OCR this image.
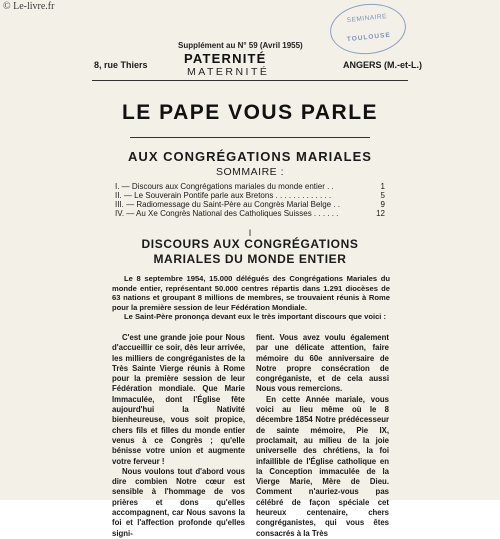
© Le-livre.fr
SEMINAIRE
TOULOUSE
Supplément au N° 59 (Avril 1955)
8, rue Thiers	PATERNITÉ
MATERNITÉ
ANGERS (M.-et-L.)
LE PAPE VOUS PARLE
AUX CONGRÉGATIONS MARIALES
SOMMAIRE :
I. — Discours aux Congrégations mariales du monde entier . .	1
II. — Le Souverain Pontife parle aux Bretons . . . . . . . . . . . . .	5
III. — Radiomessage du Saint-Père au Congrès Marial Belge . .	9
IV. — Au Xe Congrès National des Catholiques Suisses . . . . . .	12
I
DISCOURS AUX CONGRÉGATIONS
MARIALES DU MONDE ENTIER

Le 8 septembre 1954, 15.000 délégués des Congrégations Mariales du monde entier, représentant 50.000 centres répartis dans 1.291 diocèses de 63 nations et groupant 8 millions de membres, se trouvaient réunis à Rome pour la première session de leur Fédération Mondiale.

Le Saint-Père prononça devant eux le très important discours que voici :

C'est une grande joie pour Nous d'accueillir ce soir, dès leur arrivée, les milliers de congréganistes de la Très Sainte Vierge réunis à Rome pour la première session de leur Fédération mondiale. Que Marie Immaculée, dont l'Église fête aujourd'hui la Nativité bienheureuse, vous soit propice, chers fils et filles du monde entier venus à ce Congrès ; qu'elle bénisse votre union et augmente votre ferveur !

Nous voulons tout d'abord vous dire combien Notre cœur est sensible à l'hommage de vos prières et dons qu'elles accompagnent, car Nous savons la foi et l'affection profonde qu'elles signi-

fient. Vous avez voulu également par une délicate attention, faire mémoire du 60e anniversaire de Notre propre consécration de congréganiste, et de cela aussi Nous vous remercions.

En cette Année mariale, vous voici au lieu même où le 8 décembre 1854 Notre prédécesseur de sainte mémoire, Pie IX, proclamait, au milieu de la joie universelle des chrétiens, la foi infaillible de l'Église catholique en la Conception immaculée de la Vierge Marie, Mère de Dieu. Comment n'auriez-vous pas célébré de façon spéciale cet heureux centenaire, chers congréganistes, qui vous êtes consacrés à la Très
